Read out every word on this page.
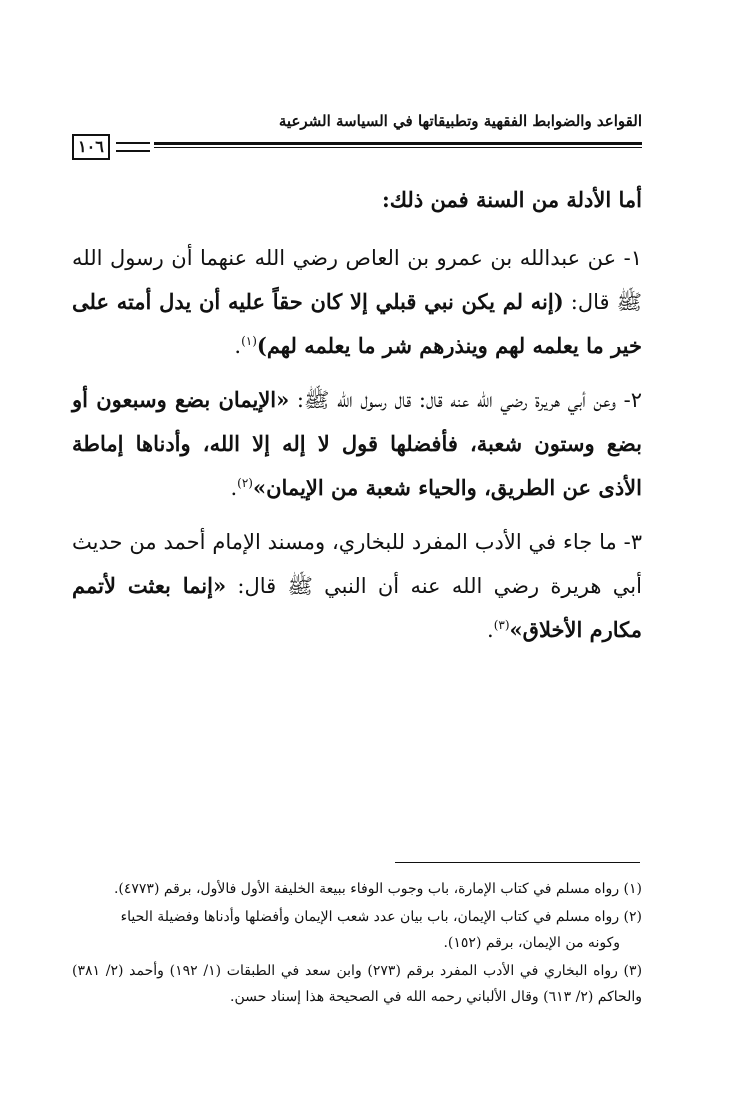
القواعد والضوابط الفقهية وتطبيقاتها في السياسة الشرعية
١٠٦

أما الأدلة من السنة فمن ذلك:

١- عن عبدالله بن عمرو بن العاص رضي الله عنهما أن رسول الله ﷺ قال: (إنه لم يكن نبي قبلي إلا كان حقاً عليه أن يدل أمته على خير ما يعلمه لهم وينذرهم شر ما يعلمه لهم)$^{(١)}$.

٢- وعن أبي هريرة رضي الله عنه قال: قال رسول الله ﷺ: «الإيمان بضع وسبعون أو بضع وستون شعبة، فأفضلها قول لا إله إلا الله، وأدناها إماطة الأذى عن الطريق، والحياء شعبة من الإيمان»$^{(٢)}$.

٣- ما جاء في الأدب المفرد للبخاري، ومسند الإمام أحمد من حديث أبي هريرة رضي الله عنه أن النبي ﷺ قال: «إنما بعثت لأتمم مكارم الأخلاق»$^{(٣)}$.

(١) رواه مسلم في كتاب الإمارة، باب وجوب الوفاء ببيعة الخليفة الأول فالأول، برقم (٤٧٧٣).

(٢) رواه مسلم في كتاب الإيمان، باب بيان عدد شعب الإيمان وأفضلها وأدناها وفضيلة الحياء
وكونه من الإيمان، برقم (١٥٢).

(٣) رواه البخاري في الأدب المفرد برقم (٢٧٣) وابن سعد في الطبقات (١/ ١٩٢) وأحمد (٢/ ٣٨١) والحاكم (٢/ ٦١٣) وقال الألباني رحمه الله في الصحيحة هذا إسناد حسن.
